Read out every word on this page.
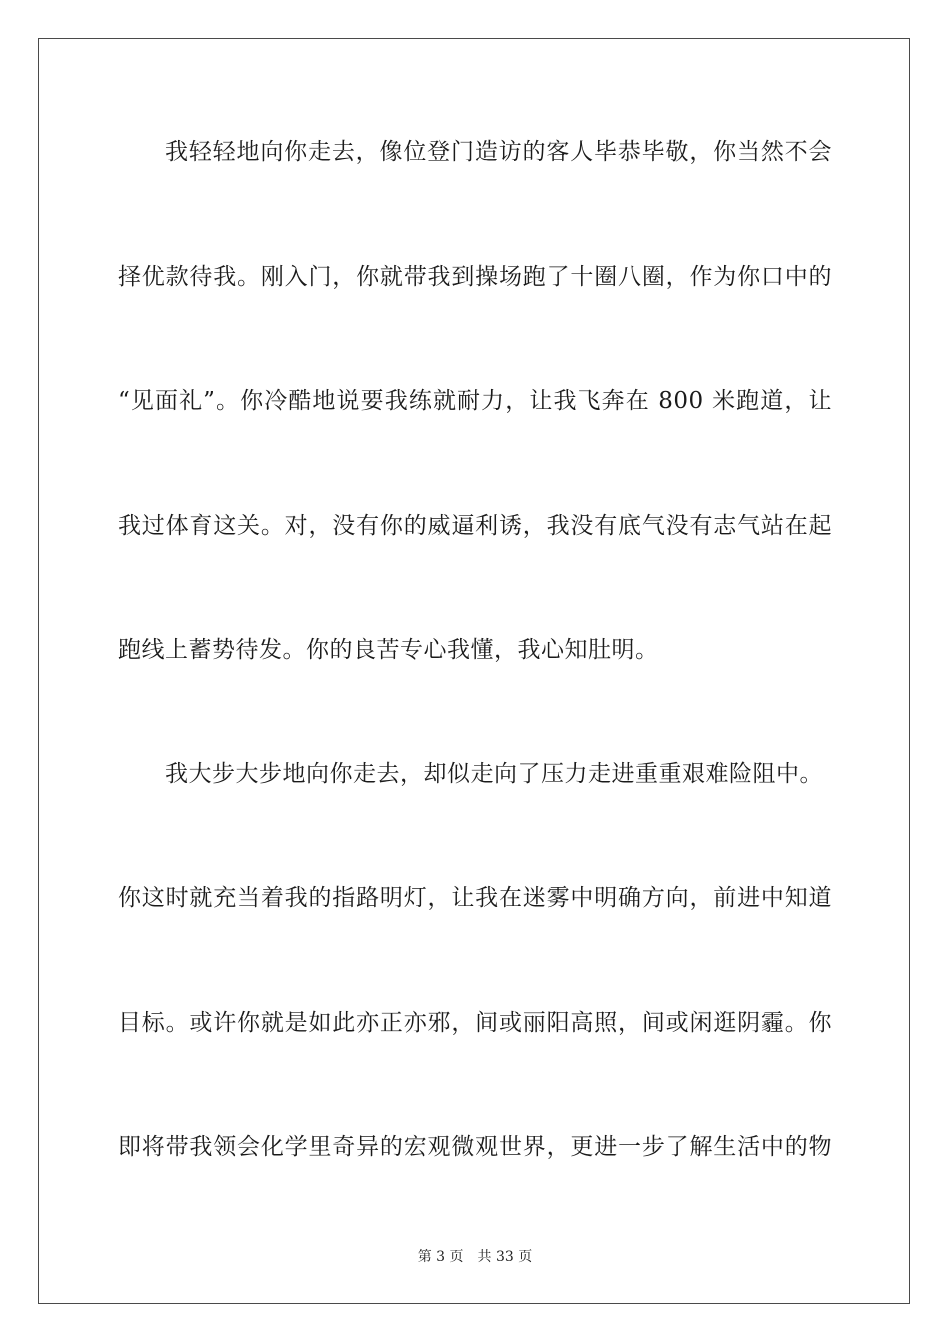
我轻轻地向你走去，像位登门造访的客人毕恭毕敬，你当然不会
择优款待我。刚入门，你就带我到操场跑了十圈八圈，作为你口中的
“见面礼”。你冷酷地说要我练就耐力，让我飞奔在 800 米跑道，让
我过体育这关。对，没有你的威逼利诱，我没有底气没有志气站在起
跑线上蓄势待发。你的良苦专心我懂，我心知肚明。
我大步大步地向你走去，却似走向了压力走进重重艰难险阻中。
你这时就充当着我的指路明灯，让我在迷雾中明确方向，前进中知道
目标。或许你就是如此亦正亦邪，间或丽阳高照，间或闲逛阴霾。你
即将带我领会化学里奇异的宏观微观世界，更进一步了解生活中的物
第 3 页 共 33 页
